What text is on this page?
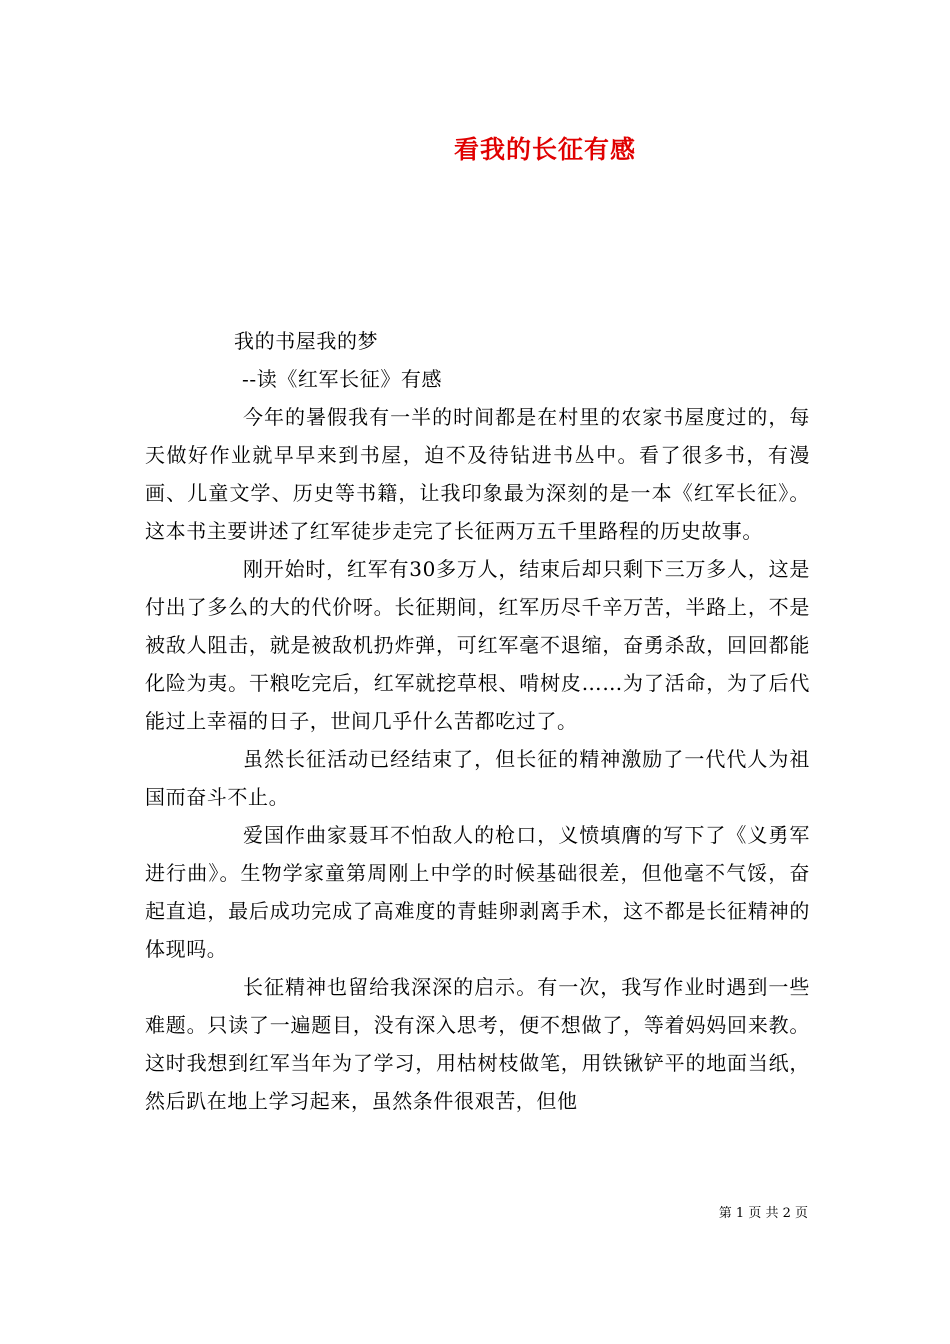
看我的长征有感

我的书屋我的梦

--读《红军长征》有感

今年的暑假我有一半的时间都是在村里的农家书屋度过的，每天做好作业就早早来到书屋，迫不及待钻进书丛中。看了很多书，有漫画、儿童文学、历史等书籍，让我印象最为深刻的是一本《红军长征》。这本书主要讲述了红军徒步走完了长征两万五千里路程的历史故事。

刚开始时，红军有30多万人，结束后却只剩下三万多人，这是付出了多么的大的代价呀。长征期间，红军历尽千辛万苦，半路上，不是被敌人阻击，就是被敌机扔炸弹，可红军毫不退缩，奋勇杀敌，回回都能化险为夷。干粮吃完后，红军就挖草根、啃树皮……为了活命，为了后代能过上幸福的日子，世间几乎什么苦都吃过了。

虽然长征活动已经结束了，但长征的精神激励了一代代人为祖国而奋斗不止。

爱国作曲家聂耳不怕敌人的枪口，义愤填膺的写下了《义勇军进行曲》。生物学家童第周刚上中学的时候基础很差，但他毫不气馁，奋起直追，最后成功完成了高难度的青蛙卵剥离手术，这不都是长征精神的体现吗。

长征精神也留给我深深的启示。有一次，我写作业时遇到一些难题。只读了一遍题目，没有深入思考，便不想做了，等着妈妈回来教。这时我想到红军当年为了学习，用枯树枝做笔，用铁锹铲平的地面当纸，然后趴在地上学习起来，虽然条件很艰苦，但他

第 1 页 共 2 页
